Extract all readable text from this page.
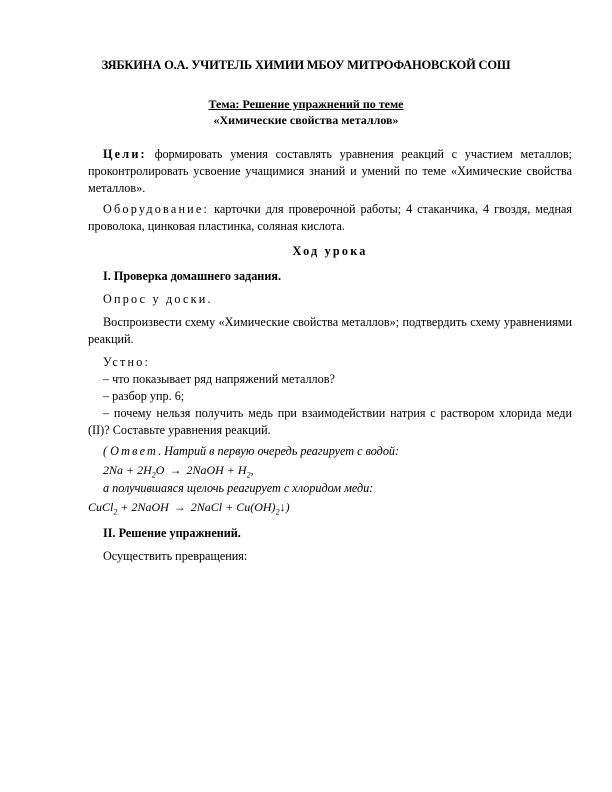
ЗЯБКИНА О.А. УЧИТЕЛЬ ХИМИИ МБОУ МИТРОФАНОВСКОЙ СОШ
Тема: Решение упражнений по теме
«Химические свойства металлов»

Цели: формировать умения составлять уравнения реакций с участием металлов; проконтролировать усвоение учащимися знаний и умений по теме «Химические свойства металлов».

Оборудование: карточки для проверочной работы; 4 стаканчика, 4 гвоздя, медная проволока, цинковая пластинка, соляная кислота.

Ход урока

I. Проверка домашнего задания.

Опрос у доски.

Воспроизвести схему «Химические свойства металлов»; подтвердить схему уравнениями реакций.

Устно:

– что показывает ряд напряжений металлов?

– разбор упр. 6;

– почему нельзя получить медь при взаимодействии натрия с раствором хлорида меди (II)? Составьте уравнения реакций.

( Ответ. Натрий в первую очередь реагирует с водой:

$2Na + 2H_2O$ → 2NaOH + $H_2$,

а получившаяся щелочь реагирует с хлоридом меди:

CuCl$_2$ + 2NaOH → 2NaCl + $Cu(OH)_2↓$)

II. Решение упражнений.

Осуществить превращения:
